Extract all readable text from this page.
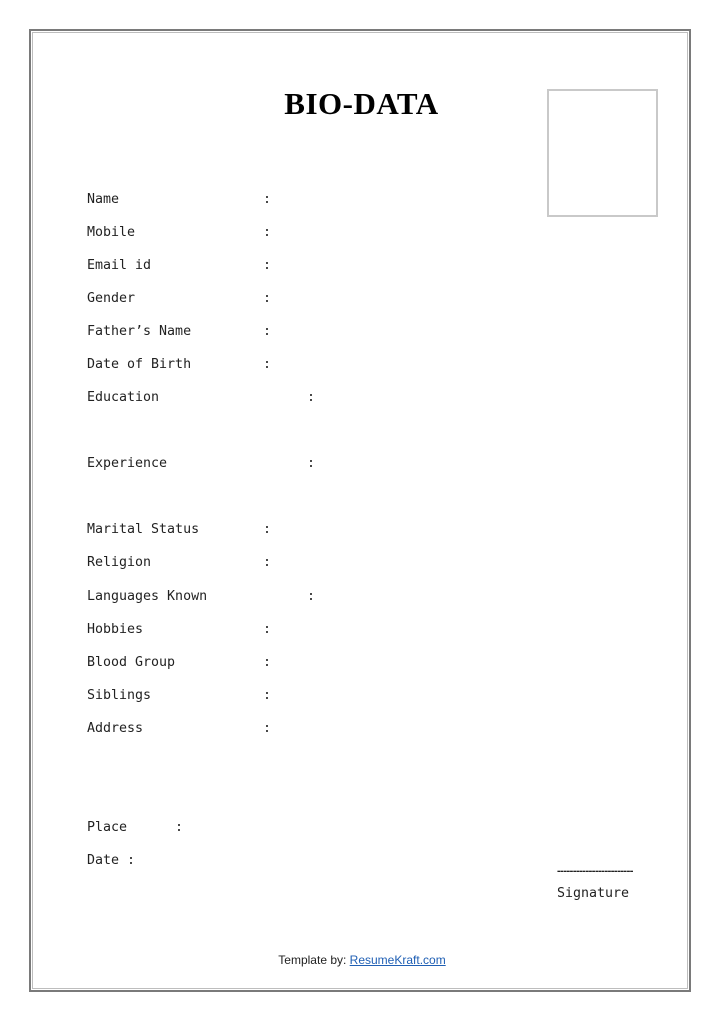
BIO-DATA

Name

	:

Mobile

	:

Email id

	:

Gender

	:

Father’s Name

	:

Date of Birth

	:

Education

	:

Experience

	:

Marital Status

	:

Religion

	:

Languages Known

	:

Hobbies

	:

Blood Group

	:

Siblings

	:

Address

	:

Place

	:

Date :

------------------------
Signature
Template by: ResumeKraft.com
